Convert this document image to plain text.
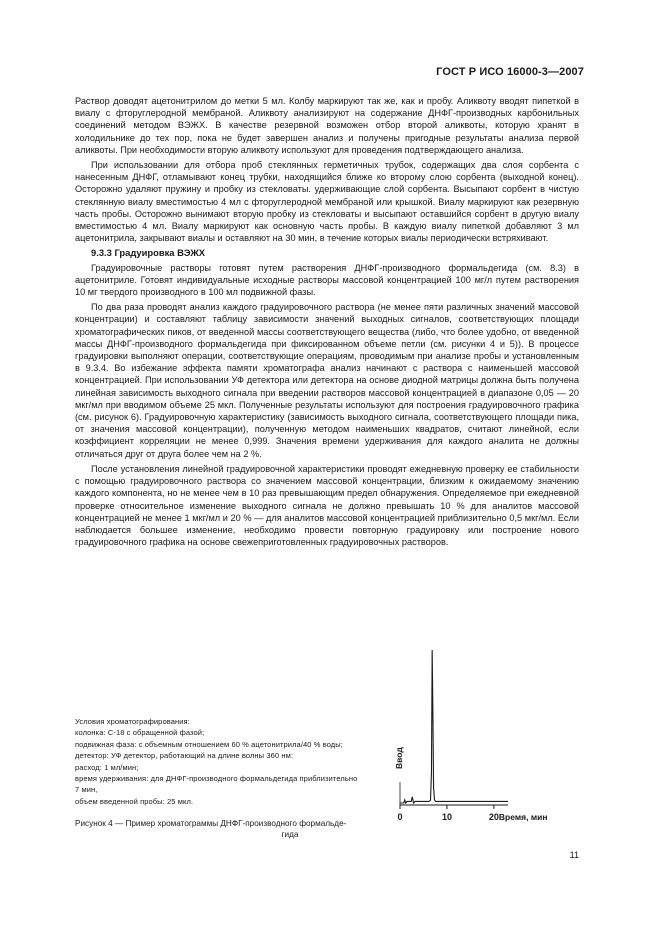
ГОСТ Р ИСО 16000-3—2007

Раствор доводят ацетонитрилом до метки 5 мл. Колбу маркируют так же, как и пробу. Аликвоту вводят пипеткой в виалу с фторуглеродной мембраной. Аликвоту анализируют на содержание ДНФГ-производных карбонильных соединений методом ВЭЖХ. В качестве резервной возможен отбор второй аликвоты, которую хранят в холодильнике до тех пор, пока не будет завершен анализ и получены пригодные результаты анализа первой аликвоты. При необходимости вторую аликвоту используют для проведения подтверждающего анализа.

При использовании для отбора проб стеклянных герметичных трубок, содержащих два слоя сорбента с нанесенным ДНФГ, отламывают конец трубки, находящийся ближе ко второму слою сорбента (выходной конец). Осторожно удаляют пружину и пробку из стекловаты. удерживающие слой сорбента. Высыпают сорбент в чистую стеклянную виалу вместимостью 4 мл с фторуглеродной мембраной или крышкой. Виалу маркируют как резервную часть пробы. Осторожно вынимают вторую пробку из стекловаты и высыпают оставшийся сорбент в другую виалу вместимостью 4 мл. Виалу маркируют как основную часть пробы. В каждую виалу пипеткой добавляют 3 мл ацетонитрила, закрывают виалы и оставляют на 30 мин, в течение которых виалы периодически встряхивают.

9.3.3 Градуировка ВЭЖХ

Градуировочные растворы готовят путем растворения ДНФГ-производного формальдегида (см. 8.3) в ацетонитриле. Готовят индивидуальные исходные растворы массовой концентрацией 100 мг/л путем растворения 10 мг твердого производного в 100 мл подвижной фазы.

По два раза проводят анализ каждого градуировочного раствора (не менее пяти различных значений массовой концентрации) и составляют таблицу зависимости значений выходных сигналов, соответствующих площади хроматографических пиков, от введенной массы соответствующего вещества (либо, что более удобно, от введенной массы ДНФГ-производного формальдегида при фиксированном объеме петли (см. рисунки 4 и 5)). В процессе градуировки выполняют операции, соответствующие операциям, проводимым при анализе пробы и установленным в 9.3.4. Во избежание эффекта памяти хроматографа анализ начинают с раствора с наименьшей массовой концентрацией. При использовании УФ детектора или детектора на основе диодной матрицы должна быть получена линейная зависимость выходного сигнала при введении растворов массовой концентрацией в диапазоне 0,05 — 20 мкг/мл при вводимом объеме 25 мкл. Полученные результаты используют для построения градуировочного графика (см. рисунок 6). Градуировочную характеристику (зависимость выходного сигнала, соответствующего площади пика, от значения массовой концентрации), полученную методом наименьших квадратов, считают линейной, если коэффициент корреляции не менее 0,999. Значения времени удерживания для каждого аналита не должны отличаться друг от друга более чем на 2 %.

После установления линейной градуировочной характеристики проводят ежедневную проверку ее стабильности с помощью градуировочного раствора со значением массовой концентрации, близким к ожидаемому значению каждого компонента, но не менее чем в 10 раз превышающим предел обнаружения. Определяемое при ежедневной проверке относительное изменение выходного сигнала не должно превышать 10 % для аналитов массовой концентрацией не менее 1 мкг/мл и 20 % — для аналитов массовой концентрацией приблизительно 0,5 мкг/мл. Если наблюдается большее изменение, необходимо провести повторную градуировку или построение нового градуировочного графика на основе свежеприготовленных градуировочных растворов.

Условия хроматографирования:
колонка: С-18 с обращенной фазой;
подвижная фаза: с объемным отношением 60 % ацетонитрила/40 % воды;
детектор: УФ детектор, работающий на длине волны 360 нм:
расход: 1 мл/мин;
время удерживания: для ДНФГ-производного формальдегида приблизительно
7 мин,
объем введенной пробы: 25 мкл.
Рисунок 4 — Пример хроматограммы ДНФГ-производного формальде-
гида
Ввод
Время, мин
0	10	20
11
